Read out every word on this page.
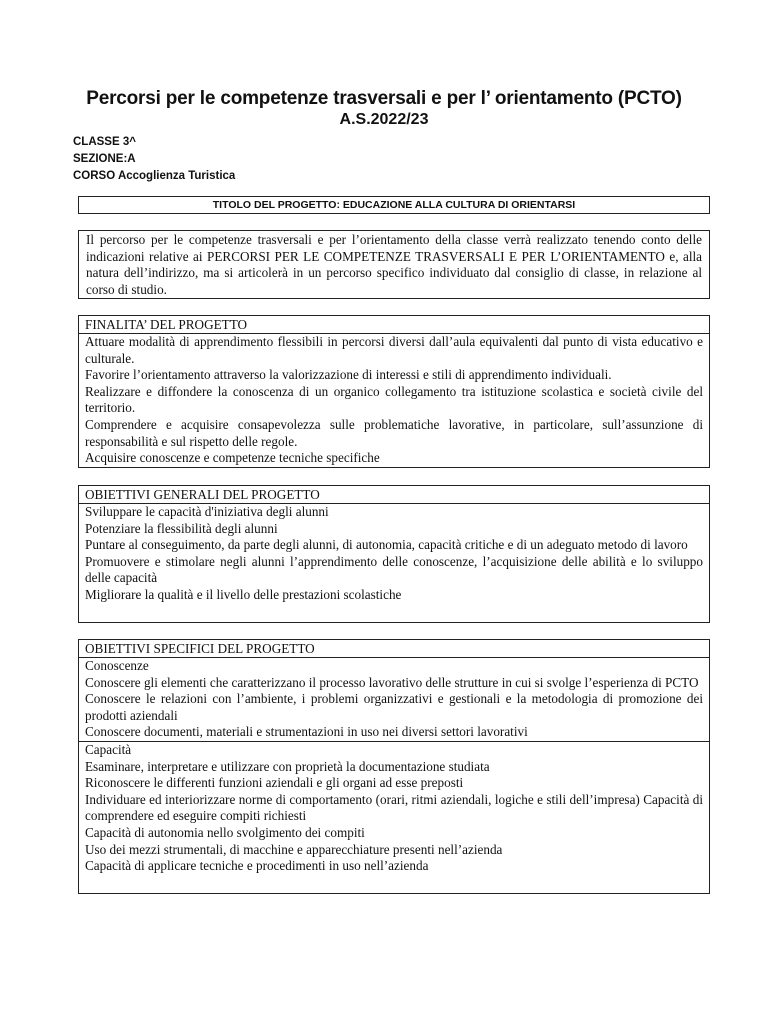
Percorsi per le competenze trasversali e per l’ orientamento (PCTO)
A.S.2022/23
CLASSE 3^
SEZIONE:A
CORSO Accoglienza Turistica
TITOLO DEL PROGETTO: EDUCAZIONE ALLA CULTURA DI ORIENTARSI

Il percorso per le competenze trasversali e per l’orientamento della classe verrà realizzato tenendo conto delle indicazioni relative ai PERCORSI PER LE COMPETENZE TRASVERSALI E PER L’ORIENTAMENTO e, alla natura dell’indirizzo, ma si articolerà in un percorso specifico individuato dal consiglio di classe, in relazione al corso di studio.

FINALITA’ DEL PROGETTO

Attuare modalità di apprendimento flessibili in percorsi diversi dall’aula equivalenti dal punto di vista educativo e culturale.

Favorire l’orientamento attraverso la valorizzazione di interessi e stili di apprendimento individuali.

Realizzare e diffondere la conoscenza di un organico collegamento tra istituzione scolastica e società civile del territorio.

Comprendere e acquisire consapevolezza sulle problematiche lavorative, in particolare, sull’assunzione di responsabilità e sul rispetto delle regole.

Acquisire conoscenze e competenze tecniche specifiche

OBIETTIVI GENERALI DEL PROGETTO

Sviluppare le capacità d'iniziativa degli alunni

Potenziare la flessibilità degli alunni

Puntare al conseguimento, da parte degli alunni, di autonomia, capacità critiche e di un adeguato metodo di lavoro

Promuovere e stimolare negli alunni l’apprendimento delle conoscenze, l’acquisizione delle abilità e lo sviluppo delle capacità

Migliorare la qualità e il livello delle prestazioni scolastiche

OBIETTIVI SPECIFICI DEL PROGETTO

Conoscenze

Conoscere gli elementi che caratterizzano il processo lavorativo delle strutture in cui si svolge l’esperienza di PCTO

Conoscere le relazioni con l’ambiente, i problemi organizzativi e gestionali e la metodologia di promozione dei prodotti aziendali

Conoscere documenti, materiali e strumentazioni in uso nei diversi settori lavorativi

Capacità

Esaminare, interpretare e utilizzare con proprietà la documentazione studiata

Riconoscere le differenti funzioni aziendali e gli organi ad esse preposti

Individuare ed interiorizzare norme di comportamento (orari, ritmi aziendali, logiche e stili dell’impresa) Capacità di comprendere ed eseguire compiti richiesti

Capacità di autonomia nello svolgimento dei compiti

Uso dei mezzi strumentali, di macchine e apparecchiature presenti nell’azienda

Capacità di applicare tecniche e procedimenti in uso nell’azienda
